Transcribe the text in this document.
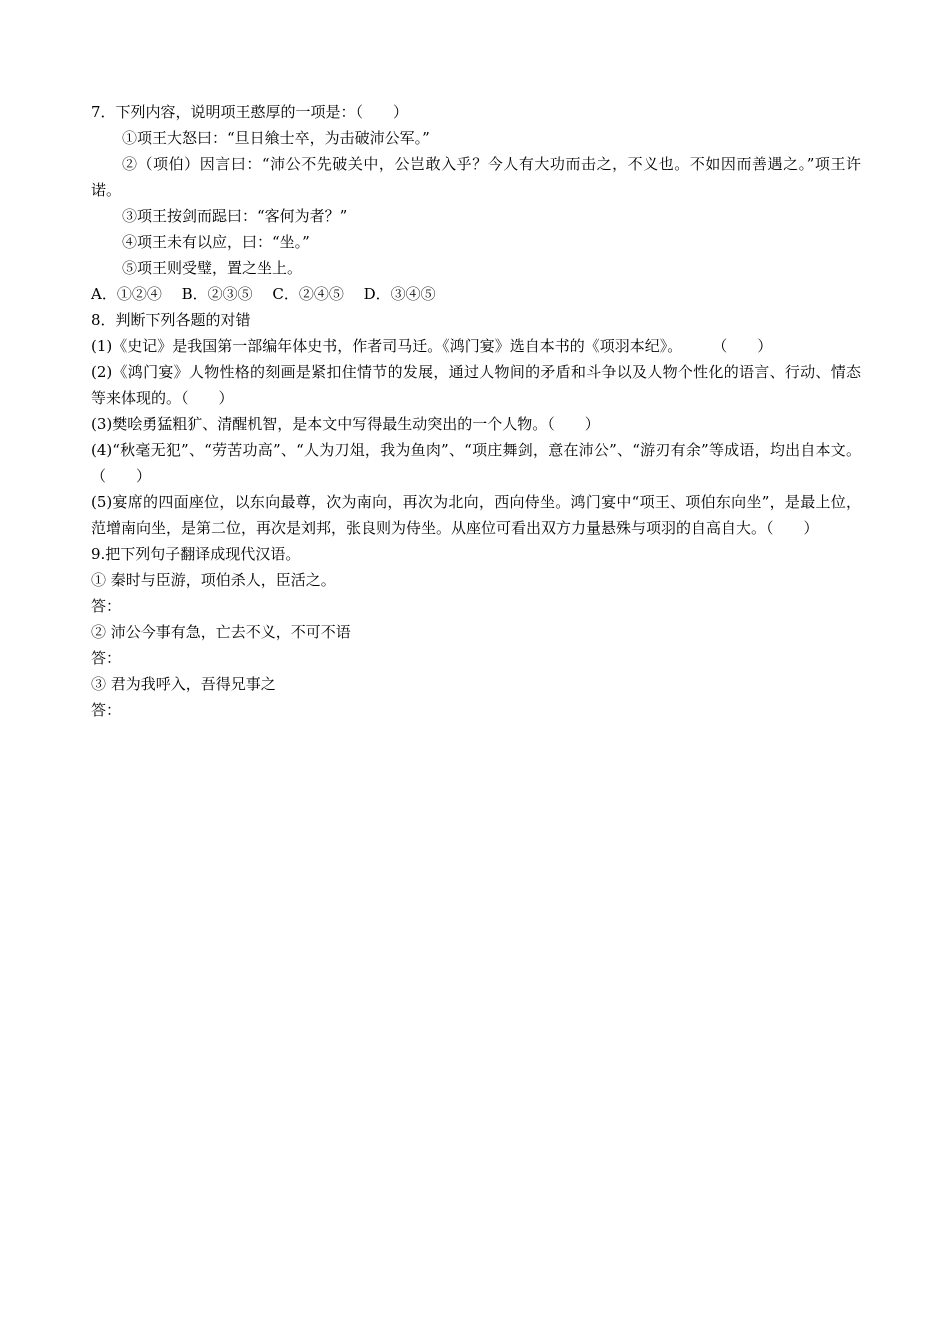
7．下列内容，说明项王憨厚的一项是：（　　）
①项王大怒曰：“旦日飨士卒，为击破沛公军。”
②（项伯）因言曰：“沛公不先破关中，公岂敢入乎？今人有大功而击之，不义也。不如因而善遇之。”项王许诺。
③项王按剑而跽曰：“客何为者？”
④项王未有以应，曰：“坐。”
⑤项王则受璧，置之坐上。
A．①②④　 B．②③⑤　 C．②④⑤　 D．③④⑤
8．判断下列各题的对错
(1)《史记》是我国第一部编年体史书，作者司马迁。《鸿门宴》选自本书的《项羽本纪》。　　　（　　）
(2)《鸿门宴》人物性格的刻画是紧扣住情节的发展，通过人物间的矛盾和斗争以及人物个性化的语言、行动、情态等来体现的。（　　）
(3)樊哙勇猛粗犷、清醒机智，是本文中写得最生动突出的一个人物。（　　）
(4)“秋毫无犯”、“劳苦功高”、“人为刀俎，我为鱼肉”、“项庄舞剑，意在沛公”、“游刃有余”等成语，均出自本文。（　　）
(5)宴席的四面座位，以东向最尊，次为南向，再次为北向，西向侍坐。鸿门宴中“项王、项伯东向坐”，是最上位，范增南向坐，是第二位，再次是刘邦，张良则为侍坐。从座位可看出双方力量悬殊与项羽的自高自大。（　　）
9.把下列句子翻译成现代汉语。
① 秦时与臣游，项伯杀人，臣活之。
答：
② 沛公今事有急，亡去不义，不可不语
答：
③ 君为我呼入，吾得兄事之
答：
